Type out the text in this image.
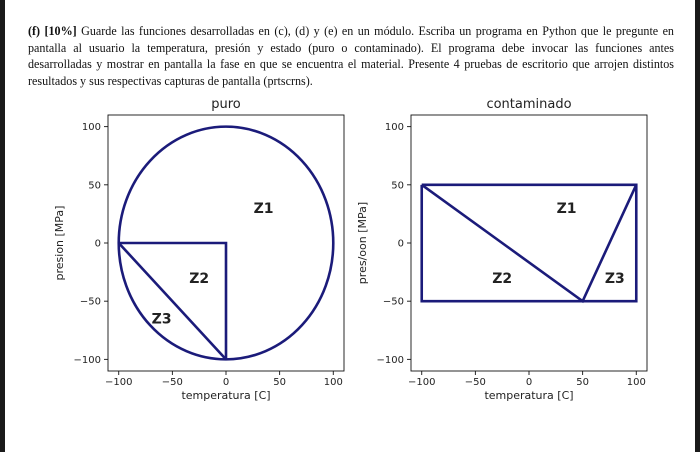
(f) [10%] Guarde las funciones desarrolladas en (c), (d) y (e) en un módulo. Escriba un programa en Python que le pregunte en pantalla al usuario la temperatura, presión y estado (puro o contaminado). El programa debe invocar las funciones antes desarrolladas y mostrar en pantalla la fase en que se encuentra el material. Presente 4 pruebas de escritorio que arrojen distintos resultados y sus respectivas capturas de pantalla (prtscrns).

puro
−100	−50	0	50	100
100
50
0
−50
−100
temperatura [C]
presion [MPa]	Z1
Z2
Z3
contaminado
−100	−50	0	50	100
100
50
0
−50
−100
temperatura [C]
pres/oon [MPa]	Z1
Z2	Z3
